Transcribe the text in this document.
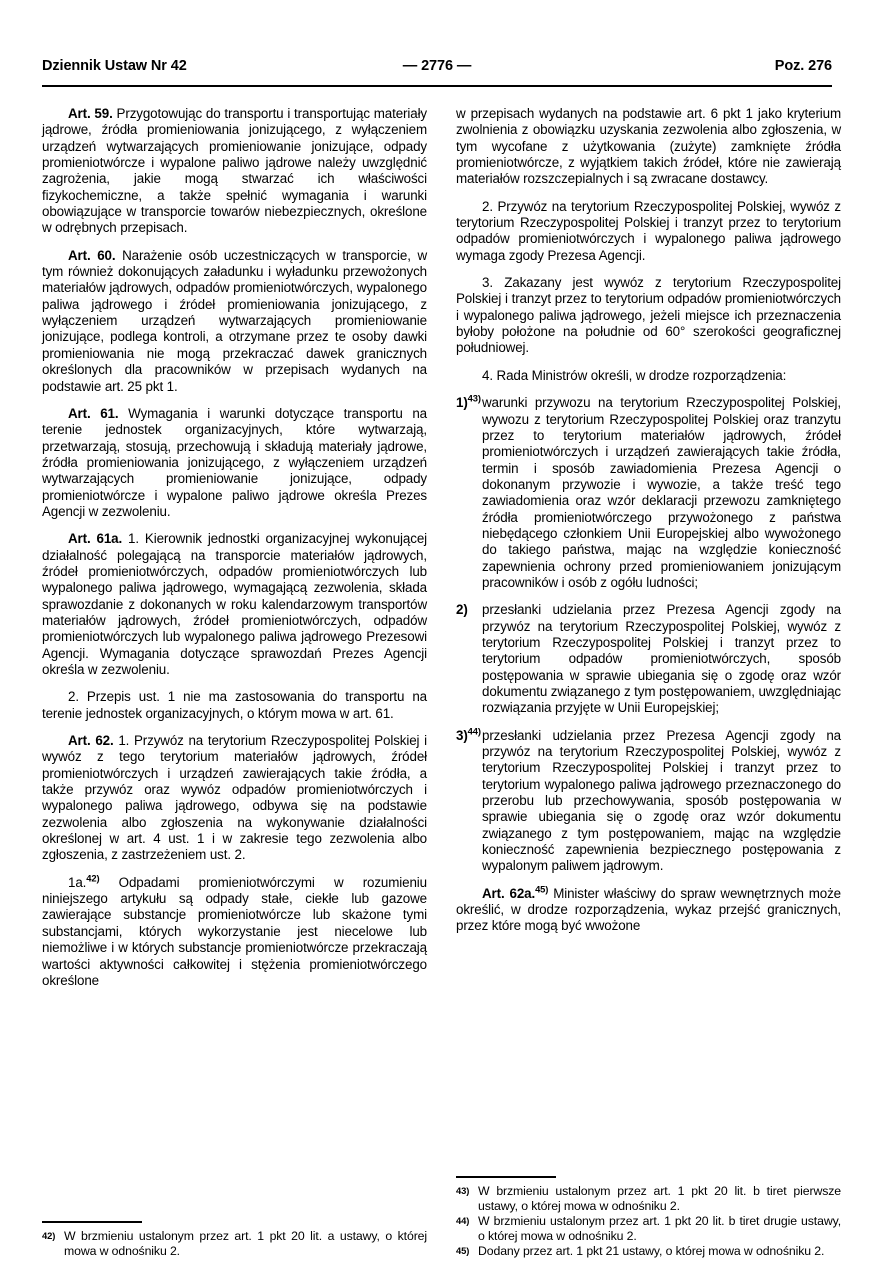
Dziennik Ustaw Nr 42	— 2776 —	Poz. 276

Art. 59. Przygotowując do transportu i transportując materiały jądrowe, źródła promieniowania jonizującego, z wyłączeniem urządzeń wytwarzających promieniowanie jonizujące, odpady promieniotwórcze i wypalone paliwo jądrowe należy uwzględnić zagrożenia, jakie mogą stwarzać ich właściwości fizykochemiczne, a także spełnić wymagania i warunki obowiązujące w transporcie towarów niebezpiecznych, określone w odrębnych przepisach.

Art. 60. Narażenie osób uczestniczących w transporcie, w tym również dokonujących załadunku i wyładunku przewożonych materiałów jądrowych, odpadów promieniotwórczych, wypalonego paliwa jądrowego i źródeł promieniowania jonizującego, z wyłączeniem urządzeń wytwarzających promieniowanie jonizujące, podlega kontroli, a otrzymane przez te osoby dawki promieniowania nie mogą przekraczać dawek granicznych określonych dla pracowników w przepisach wydanych na podstawie art. 25 pkt 1.

Art. 61. Wymagania i warunki dotyczące transportu na terenie jednostek organizacyjnych, które wytwarzają, przetwarzają, stosują, przechowują i składują materiały jądrowe, źródła promieniowania jonizującego, z wyłączeniem urządzeń wytwarzających promieniowanie jonizujące, odpady promieniotwórcze i wypalone paliwo jądrowe określa Prezes Agencji w zezwoleniu.

Art. 61a. 1. Kierownik jednostki organizacyjnej wykonującej działalność polegającą na transporcie materiałów jądrowych, źródeł promieniotwórczych, odpadów promieniotwórczych lub wypalonego paliwa jądrowego, wymagającą zezwolenia, składa sprawozdanie z dokonanych w roku kalendarzowym transportów materiałów jądrowych, źródeł promieniotwórczych, odpadów promieniotwórczych lub wypalonego paliwa jądrowego Prezesowi Agencji. Wymagania dotyczące sprawozdań Prezes Agencji określa w zezwoleniu.

2. Przepis ust. 1 nie ma zastosowania do transportu na terenie jednostek organizacyjnych, o którym mowa w art. 61.

Art. 62. 1. Przywóz na terytorium Rzeczypospolitej Polskiej i wywóz z tego terytorium materiałów jądrowych, źródeł promieniotwórczych i urządzeń zawierających takie źródła, a także przywóz oraz wywóz odpadów promieniotwórczych i wypalonego paliwa jądrowego, odbywa się na podstawie zezwolenia albo zgłoszenia na wykonywanie działalności określonej w art. 4 ust. 1 i w zakresie tego zezwolenia albo zgłoszenia, z zastrzeżeniem ust. 2.

1a.$^{42)}$ Odpadami promieniotwórczymi w rozumieniu niniejszego artykułu są odpady stałe, ciekłe lub gazowe zawierające substancje promieniotwórcze lub skażone tymi substancjami, których wykorzystanie jest niecelowe lub niemożliwe i w których substancje promieniotwórcze przekraczają wartości aktywności całkowitej i stężenia promieniotwórczego określone

w przepisach wydanych na podstawie art. 6 pkt 1 jako kryterium zwolnienia z obowiązku uzyskania zezwolenia albo zgłoszenia, w tym wycofane z użytkowania (zużyte) zamknięte źródła promieniotwórcze, z wyjątkiem takich źródeł, które nie zawierają materiałów rozszczepialnych i są zwracane dostawcy.

2. Przywóz na terytorium Rzeczypospolitej Polskiej, wywóz z terytorium Rzeczypospolitej Polskiej i tranzyt przez to terytorium odpadów promieniotwórczych i wypalonego paliwa jądrowego wymaga zgody Prezesa Agencji.

3. Zakazany jest wywóz z terytorium Rzeczypospolitej Polskiej i tranzyt przez to terytorium odpadów promieniotwórczych i wypalonego paliwa jądrowego, jeżeli miejsce ich przeznaczenia byłoby położone na południe od 60° szerokości geograficznej południowej.

4. Rada Ministrów określi, w drodze rozporządzenia:

1)$^{43)}$ warunki przywozu na terytorium Rzeczypospolitej Polskiej, wywozu z terytorium Rzeczypospolitej Polskiej oraz tranzytu przez to terytorium materiałów jądrowych, źródeł promieniotwórczych i urządzeń zawierających takie źródła, termin i sposób zawiadomienia Prezesa Agencji o dokonanym przywozie i wywozie, a także treść tego zawiadomienia oraz wzór deklaracji przewozu zamkniętego źródła promieniotwórczego przywożonego z państwa niebędącego członkiem Unii Europejskiej albo wywożonego do takiego państwa, mając na względzie konieczność zapewnienia ochrony przed promieniowaniem jonizującym pracowników i osób z ogółu ludności;
2) przesłanki udzielania przez Prezesa Agencji zgody na przywóz na terytorium Rzeczypospolitej Polskiej, wywóz z terytorium Rzeczypospolitej Polskiej i tranzyt przez to terytorium odpadów promieniotwórczych, sposób postępowania w sprawie ubiegania się o zgodę oraz wzór dokumentu związanego z tym postępowaniem, uwzględniając rozwiązania przyjęte w Unii Europejskiej;
3)$^{44)}$ przesłanki udzielania przez Prezesa Agencji zgody na przywóz na terytorium Rzeczypospolitej Polskiej, wywóz z terytorium Rzeczypospolitej Polskiej i tranzyt przez to terytorium wypalonego paliwa jądrowego przeznaczonego do przerobu lub przechowywania, sposób postępowania w sprawie ubiegania się o zgodę oraz wzór dokumentu związanego z tym postępowaniem, mając na względzie konieczność zapewnienia bezpiecznego postępowania z wypalonym paliwem jądrowym.

Art. 62a.$^{45)}$ Minister właściwy do spraw wewnętrznych może określić, w drodze rozporządzenia, wykaz przejść granicznych, przez które mogą być wwożone

42) W brzmieniu ustalonym przez art. 1 pkt 20 lit. a ustawy, o której mowa w odnośniku 2.
43) W brzmieniu ustalonym przez art. 1 pkt 20 lit. b tiret pierwsze ustawy, o której mowa w odnośniku 2.
44) W brzmieniu ustalonym przez art. 1 pkt 20 lit. b tiret drugie ustawy, o której mowa w odnośniku 2.
45) Dodany przez art. 1 pkt 21 ustawy, o której mowa w odnośniku 2.
